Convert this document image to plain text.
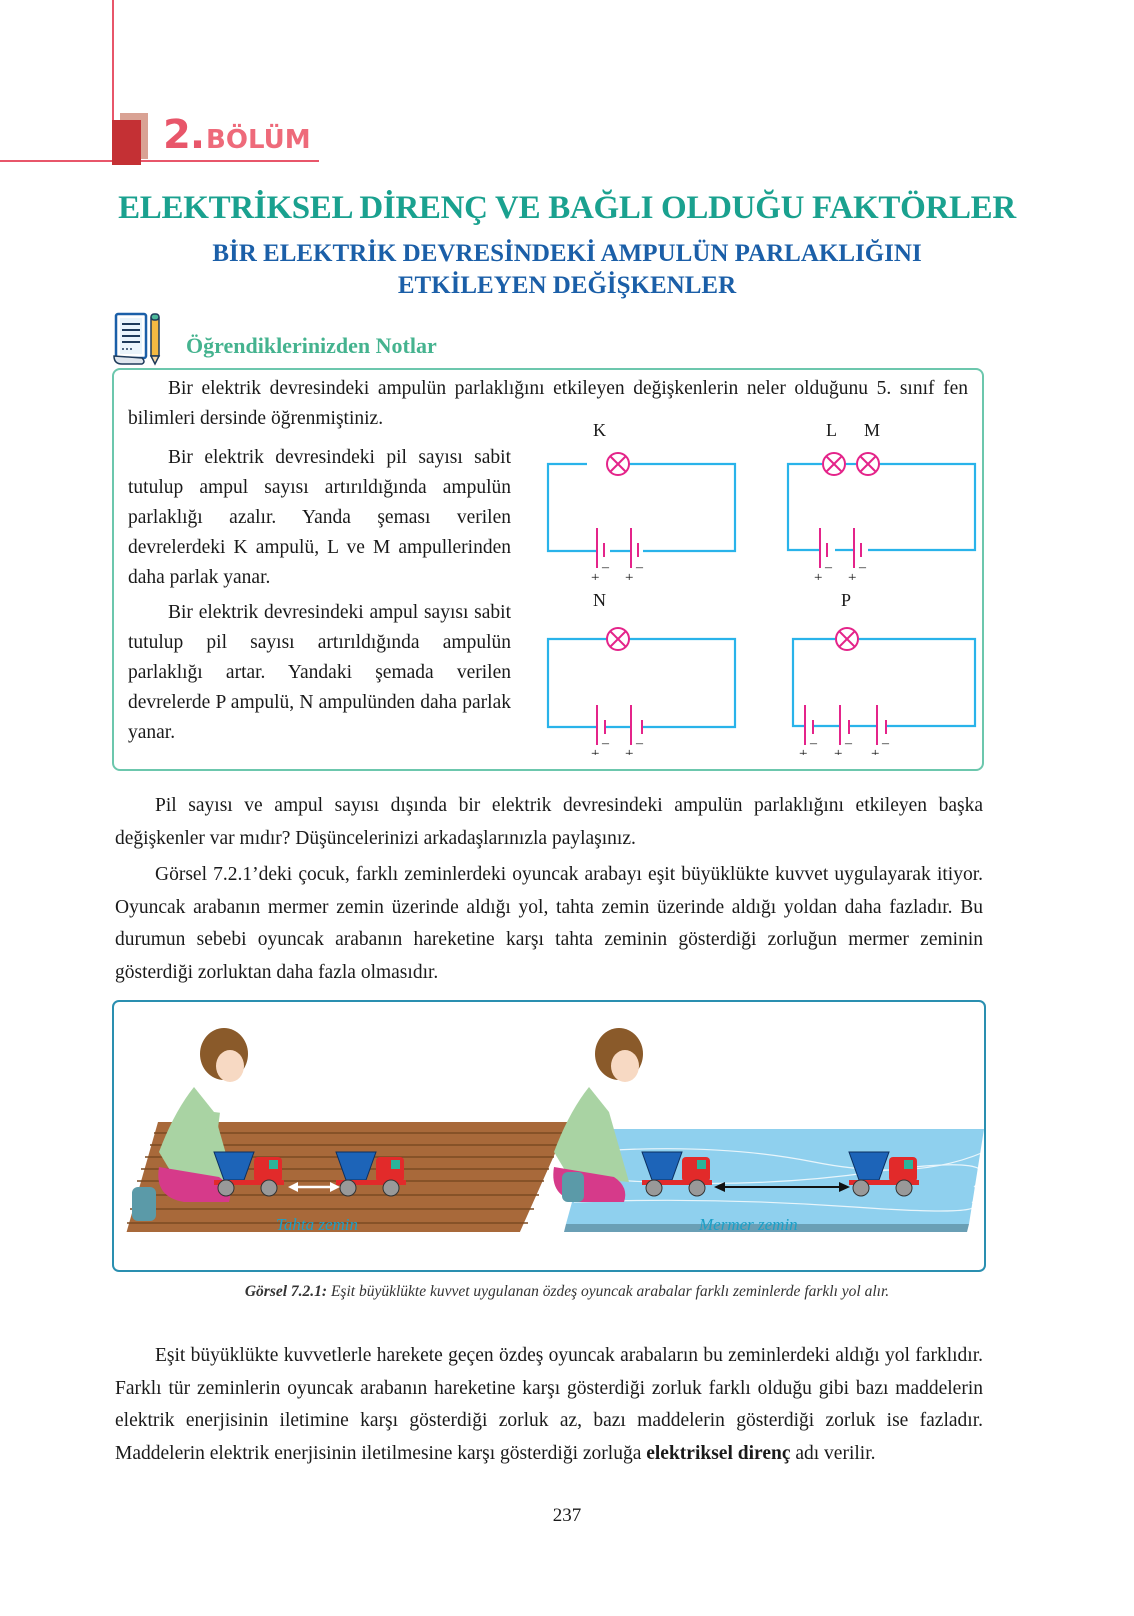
2.BÖLÜM
ELEKTRİKSEL DİRENÇ VE BAĞLI OLDUĞU FAKTÖRLER
BİR ELEKTRİK DEVRESİNDEKİ AMPULÜN PARLAKLIĞINI
ETKİLEYEN DEĞİŞKENLER
Öğrendiklerinizden Notlar
Bir elektrik devresindeki ampulün parlaklığını etkileyen değişkenlerin neler olduğunu 5. sınıf fen bilimleri dersinde öğrenmiştiniz.
Bir elektrik devresindeki pil sayısı sabit tutulup ampul sayısı artırıldığında ampulün parlaklığı azalır. Yanda şeması verilen devrelerdeki K ampulü, L ve M ampullerinden daha parlak yanar.
Bir elektrik devresindeki ampul sayısı sabit tutulup pil sayısı artırıldığında ampulün parlaklığı artar. Yandaki şemada verilen devrelerde P ampulü, N ampulünden daha parlak yanar.
K
– –
+ +
L M
– –
+ +
N
– –
+ +
P
– – –
+ + +
Pil sayısı ve ampul sayısı dışında bir elektrik devresindeki ampulün parlaklığını etkileyen başka değişkenler var mıdır? Düşüncelerinizi arkadaşlarınızla paylaşınız.
Görsel 7.2.1’deki çocuk, farklı zeminlerdeki oyuncak arabayı eşit büyüklükte kuvvet uygulayarak itiyor. Oyuncak arabanın mermer zemin üzerinde aldığı yol, tahta zemin üzerinde aldığı yoldan daha fazladır. Bu durumun sebebi oyuncak arabanın hareketine karşı tahta zeminin gösterdiği zorluğun mermer zeminin gösterdiği zorluktan daha fazla olmasıdır.
Tahta zemin	Mermer zemin
Görsel 7.2.1: Eşit büyüklükte kuvvet uygulanan özdeş oyuncak arabalar farklı zeminlerde farklı yol alır.
Eşit büyüklükte kuvvetlerle harekete geçen özdeş oyuncak arabaların bu zeminlerdeki aldığı yol farklıdır. Farklı tür zeminlerin oyuncak arabanın hareketine karşı gösterdiği zorluk farklı olduğu gibi bazı maddelerin elektrik enerjisinin iletimine karşı gösterdiği zorluk az, bazı maddelerin gösterdiği zorluk ise fazladır. Maddelerin elektrik enerjisinin iletilmesine karşı gösterdiği zorluğa elektriksel direnç adı verilir.
237
